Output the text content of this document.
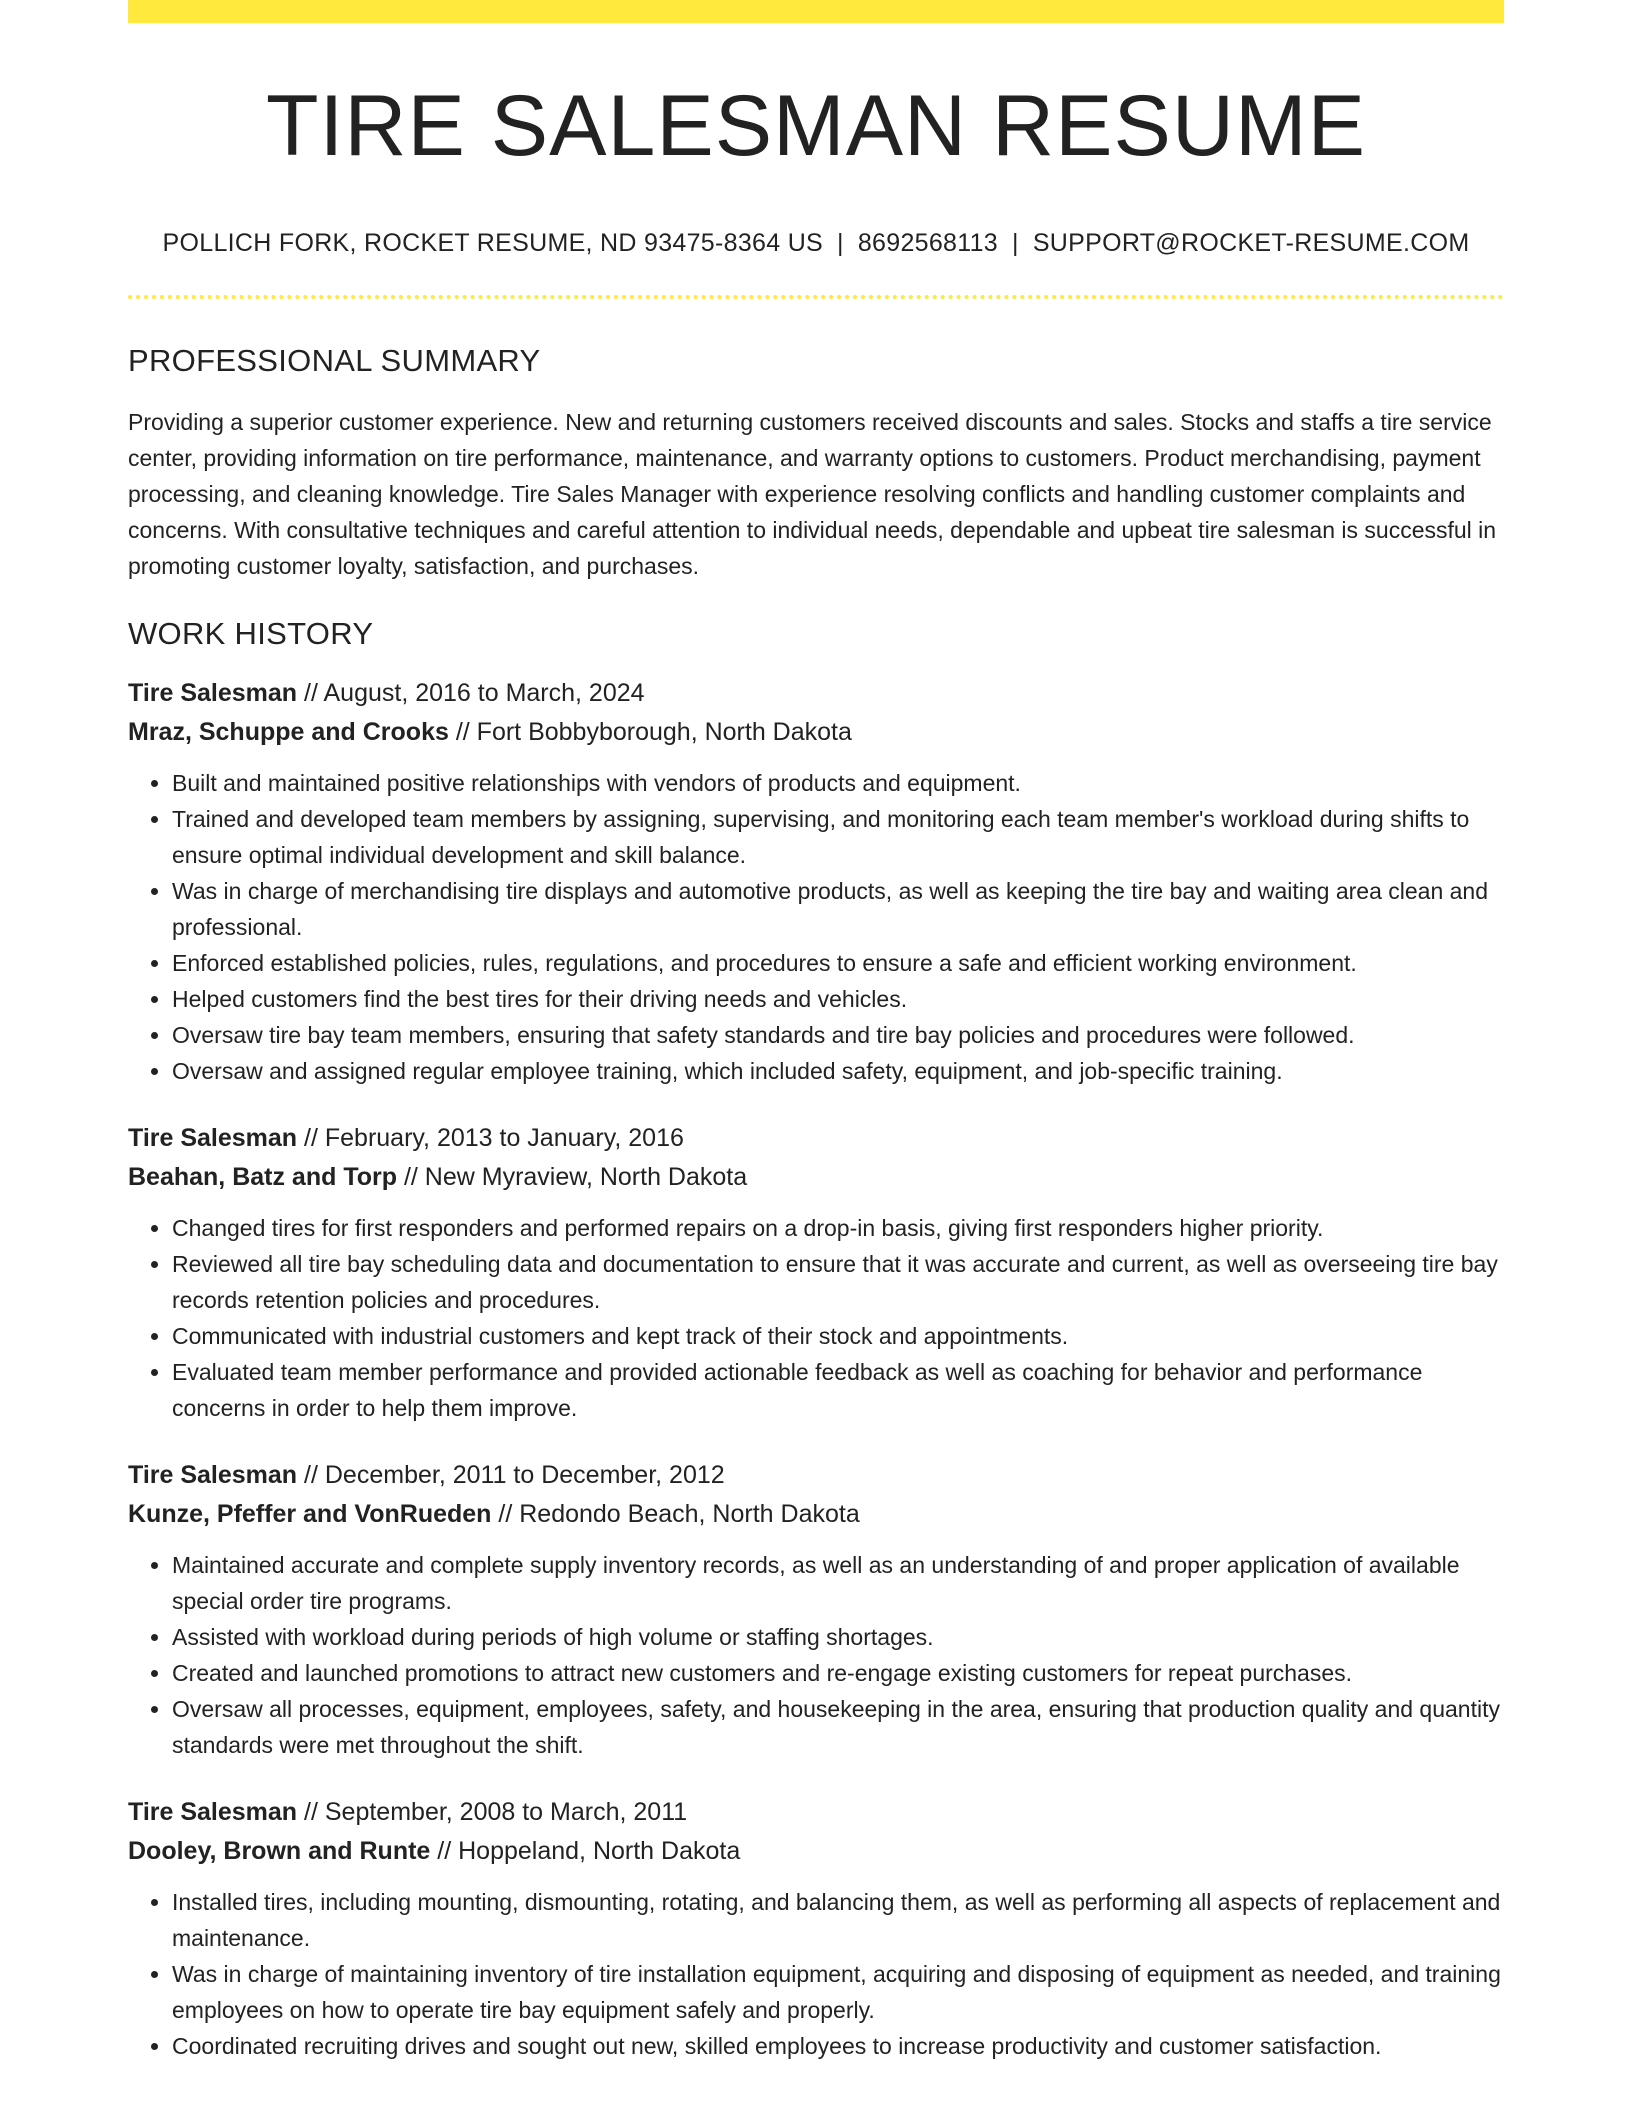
TIRE SALESMAN RESUME
POLLICH FORK, ROCKET RESUME, ND 93475-8364 US | 8692568113 | SUPPORT@ROCKET-RESUME.COM
PROFESSIONAL SUMMARY

Providing a superior customer experience. New and returning customers received discounts and sales. Stocks and staffs a tire service center, providing information on tire performance, maintenance, and warranty options to customers. Product merchandising, payment processing, and cleaning knowledge. Tire Sales Manager with experience resolving conflicts and handling customer complaints and concerns. With consultative techniques and careful attention to individual needs, dependable and upbeat tire salesman is successful in promoting customer loyalty, satisfaction, and purchases.

WORK HISTORY
Tire Salesman // August, 2016 to March, 2024
Mraz, Schuppe and Crooks // Fort Bobbyborough, North Dakota
• Built and maintained positive relationships with vendors of products and equipment.
• Trained and developed team members by assigning, supervising, and monitoring each team member's workload during shifts to ensure optimal individual development and skill balance.
• Was in charge of merchandising tire displays and automotive products, as well as keeping the tire bay and waiting area clean and professional.
• Enforced established policies, rules, regulations, and procedures to ensure a safe and efficient working environment.
• Helped customers find the best tires for their driving needs and vehicles.
• Oversaw tire bay team members, ensuring that safety standards and tire bay policies and procedures were followed.
• Oversaw and assigned regular employee training, which included safety, equipment, and job-specific training.
Tire Salesman // February, 2013 to January, 2016
Beahan, Batz and Torp // New Myraview, North Dakota
• Changed tires for first responders and performed repairs on a drop-in basis, giving first responders higher priority.
• Reviewed all tire bay scheduling data and documentation to ensure that it was accurate and current, as well as overseeing tire bay records retention policies and procedures.
• Communicated with industrial customers and kept track of their stock and appointments.
• Evaluated team member performance and provided actionable feedback as well as coaching for behavior and performance concerns in order to help them improve.
Tire Salesman // December, 2011 to December, 2012
Kunze, Pfeffer and VonRueden // Redondo Beach, North Dakota
• Maintained accurate and complete supply inventory records, as well as an understanding of and proper application of available special order tire programs.
• Assisted with workload during periods of high volume or staffing shortages.
• Created and launched promotions to attract new customers and re-engage existing customers for repeat purchases.
• Oversaw all processes, equipment, employees, safety, and housekeeping in the area, ensuring that production quality and quantity standards were met throughout the shift.
Tire Salesman // September, 2008 to March, 2011
Dooley, Brown and Runte // Hoppeland, North Dakota
• Installed tires, including mounting, dismounting, rotating, and balancing them, as well as performing all aspects of replacement and maintenance.
• Was in charge of maintaining inventory of tire installation equipment, acquiring and disposing of equipment as needed, and training employees on how to operate tire bay equipment safely and properly.
• Coordinated recruiting drives and sought out new, skilled employees to increase productivity and customer satisfaction.
